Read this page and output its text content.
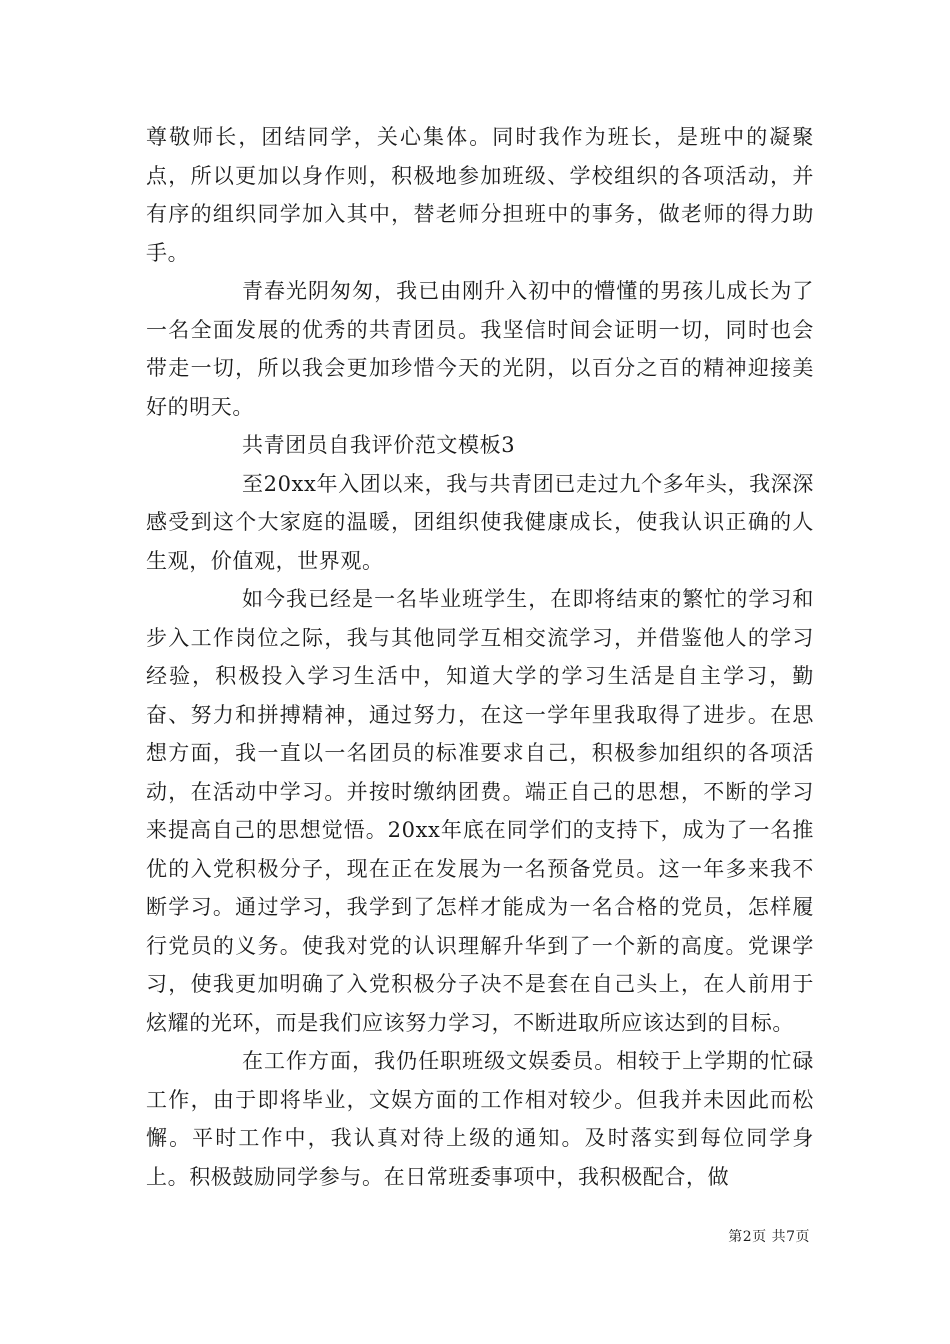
尊敬师长，团结同学，关心集体。同时我作为班长，是班中的凝聚点，所以更加以身作则，积极地参加班级、学校组织的各项活动，并有序的组织同学加入其中，替老师分担班中的事务，做老师的得力助手。

青春光阴匆匆，我已由刚升入初中的懵懂的男孩儿成长为了一名全面发展的优秀的共青团员。我坚信时间会证明一切，同时也会带走一切，所以我会更加珍惜今天的光阴，以百分之百的精神迎接美好的明天。

共青团员自我评价范文模板3

至20xx年入团以来，我与共青团已走过九个多年头，我深深感受到这个大家庭的温暖，团组织使我健康成长，使我认识正确的人生观，价值观，世界观。

如今我已经是一名毕业班学生，在即将结束的繁忙的学习和步入工作岗位之际，我与其他同学互相交流学习，并借鉴他人的学习经验，积极投入学习生活中，知道大学的学习生活是自主学习，勤奋、努力和拼搏精神，通过努力，在这一学年里我取得了进步。在思想方面，我一直以一名团员的标准要求自己，积极参加组织的各项活动，在活动中学习。并按时缴纳团费。端正自己的思想，不断的学习来提高自己的思想觉悟。20xx年底在同学们的支持下，成为了一名推优的入党积极分子，现在正在发展为一名预备党员。这一年多来我不断学习。通过学习，我学到了怎样才能成为一名合格的党员，怎样履行党员的义务。使我对党的认识理解升华到了一个新的高度。党课学习，使我更加明确了入党积极分子决不是套在自己头上，在人前用于炫耀的光环，而是我们应该努力学习，不断进取所应该达到的目标。

在工作方面，我仍任职班级文娱委员。相较于上学期的忙碌工作，由于即将毕业，文娱方面的工作相对较少。但我并未因此而松懈。平时工作中，我认真对待上级的通知。及时落实到每位同学身上。积极鼓励同学参与。在日常班委事项中，我积极配合，做

第2页 共7页
